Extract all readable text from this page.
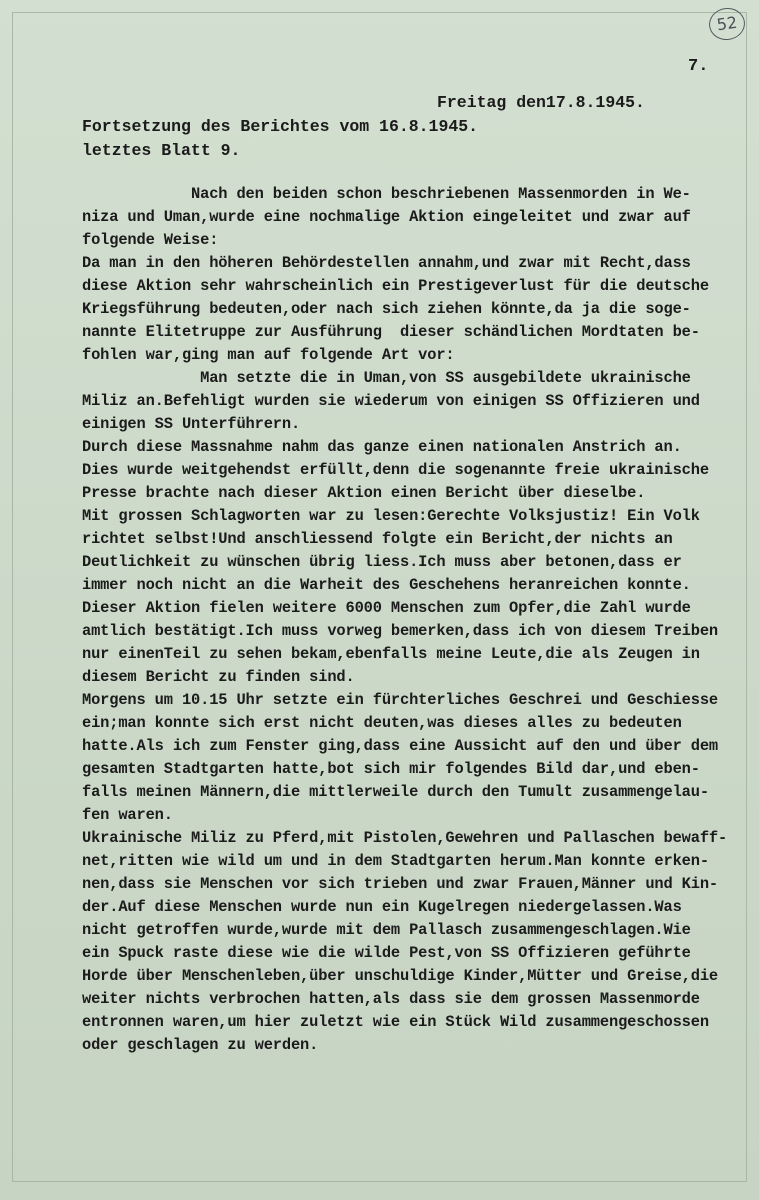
52
7.
Freitag den17.8.1945.
Fortsetzung des Berichtes vom 16.8.1945.
letztes Blatt 9.
Nach den beiden schon beschriebenen Massenmorden in We-
niza und Uman,wurde eine nochmalige Aktion eingeleitet und zwar auf
folgende Weise:
Da man in den höheren Behördestellen annahm,und zwar mit Recht,dass
diese Aktion sehr wahrscheinlich ein Prestigeverlust für die deutsche
Kriegsführung bedeuten,oder nach sich ziehen könnte,da ja die soge-
nannte Elitetruppe zur Ausführung  dieser schändlichen Mordtaten be-
fohlen war,ging man auf folgende Art vor:
Man setzte die in Uman,von SS ausgebildete ukrainische
Miliz an.Befehligt wurden sie wiederum von einigen SS Offizieren und
einigen SS Unterführern.
Durch diese Massnahme nahm das ganze einen nationalen Anstrich an.
Dies wurde weitgehendst erfüllt,denn die sogenannte freie ukrainische
Presse brachte nach dieser Aktion einen Bericht über dieselbe.
Mit grossen Schlagworten war zu lesen:Gerechte Volksjustiz! Ein Volk
richtet selbst!Und anschliessend folgte ein Bericht,der nichts an
Deutlichkeit zu wünschen übrig liess.Ich muss aber betonen,dass er
immer noch nicht an die Warheit des Geschehens heranreichen konnte.
Dieser Aktion fielen weitere 6000 Menschen zum Opfer,die Zahl wurde
amtlich bestätigt.Ich muss vorweg bemerken,dass ich von diesem Treiben
nur einenTeil zu sehen bekam,ebenfalls meine Leute,die als Zeugen in
diesem Bericht zu finden sind.
Morgens um 10.15 Uhr setzte ein fürchterliches Geschrei und Geschiesse
ein;man konnte sich erst nicht deuten,was dieses alles zu bedeuten
hatte.Als ich zum Fenster ging,dass eine Aussicht auf den und über dem
gesamten Stadtgarten hatte,bot sich mir folgendes Bild dar,und eben-
falls meinen Männern,die mittlerweile durch den Tumult zusammengelau-
fen waren.
Ukrainische Miliz zu Pferd,mit Pistolen,Gewehren und Pallaschen bewaff-
net,ritten wie wild um und in dem Stadtgarten herum.Man konnte erken-
nen,dass sie Menschen vor sich trieben und zwar Frauen,Männer und Kin-
der.Auf diese Menschen wurde nun ein Kugelregen niedergelassen.Was
nicht getroffen wurde,wurde mit dem Pallasch zusammengeschlagen.Wie
ein Spuck raste diese wie die wilde Pest,von SS Offizieren geführte
Horde über Menschenleben,über unschuldige Kinder,Mütter und Greise,die
weiter nichts verbrochen hatten,als dass sie dem grossen Massenmorde
entronnen waren,um hier zuletzt wie ein Stück Wild zusammengeschossen
oder geschlagen zu werden.
